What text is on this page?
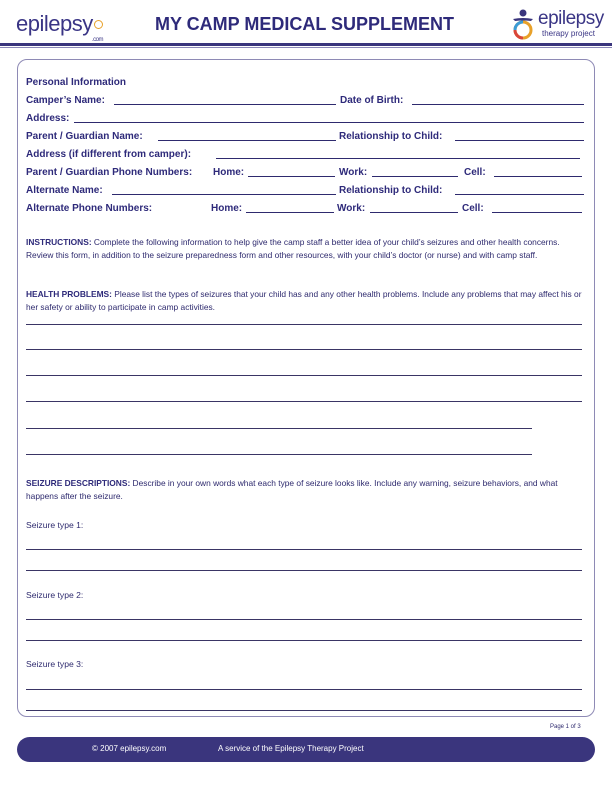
epilepsy
.com
MY CAMP MEDICAL SUPPLEMENT	epilepsy
therapy project
Personal Information
Camper’s Name:	Date of Birth:
Address:
Parent / Guardian Name:	Relationship to Child:
Address (if different from camper):
Parent / Guardian Phone Numbers: Home:	Work:	Cell:
Alternate Name:	Relationship to Child:
Alternate Phone Numbers:	Home:	Work:	Cell:
INSTRUCTIONS: Complete the following information to help give the camp staff a better idea of your child’s seizures and other health concerns. Review this form, in addition to the seizure preparedness form and other resources, with your child’s doctor (or nurse) and with camp staff.
HEALTH PROBLEMS: Please list the types of seizures that your child has and any other health problems. Include any problems that may affect his or her safety or ability to participate in camp activities.
SEIZURE DESCRIPTIONS: Describe in your own words what each type of seizure looks like. Include any warning, seizure behaviors, and what happens after the seizure.
Seizure type 1:
Seizure type 2:
Seizure type 3:
Page 1 of 3
© 2007 epilepsy.com	A service of the Epilepsy Therapy Project
